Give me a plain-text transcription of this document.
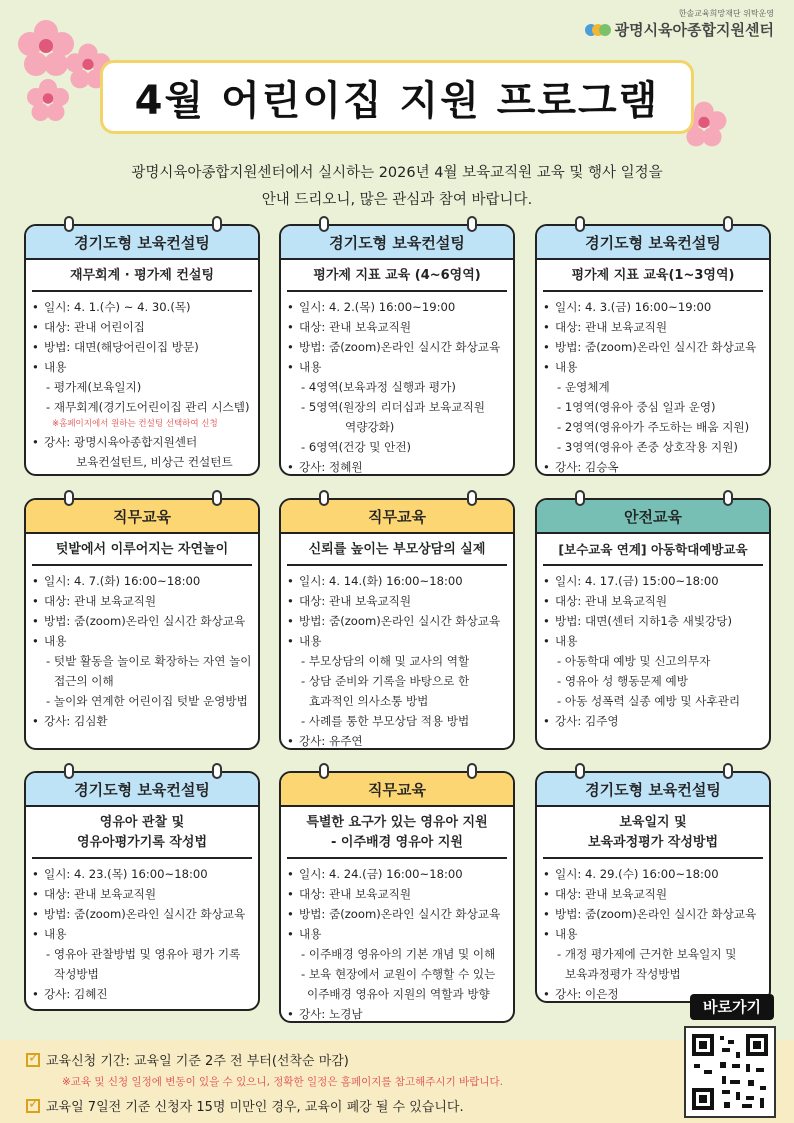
한솔교육희망재단 위탁운영
광명시육아종합지원센터
4월 어린이집 지원 프로그램
광명시육아종합지원센터에서 실시하는 2026년 4월 보육교직원 교육 및 행사 일정을
안내 드리오니, 많은 관심과 참여 바랍니다.
경기도형 보육컨설팅
재무회계 · 평가제 컨설팅
• 일시: 4. 1.(수) ~ 4. 30.(목)
• 대상: 관내 어린이집
• 방법: 대면(해당어린이집 방문)
• 내용
- 평가제(보육일지)
- 재무회계(경기도어린이집 관리 시스템)
※홈페이지에서 원하는 컨설팅 선택하여 신청
• 강사: 광명시육아종합지원센터
보육컨설턴트, 비상근 컨설턴트
경기도형 보육컨설팅
평가제 지표 교육 (4~6영역)
• 일시: 4. 2.(목) 16:00~19:00
• 대상: 관내 보육교직원
• 방법: 줌(zoom)온라인 실시간 화상교육
• 내용
- 4영역(보육과정 실행과 평가)
- 5영역(원장의 리더십과 보육교직원
역량강화)
- 6영역(건강 및 안전)
• 강사: 정혜원
경기도형 보육컨설팅
평가제 지표 교육(1~3영역)
• 일시: 4. 3.(금) 16:00~19:00
• 대상: 관내 보육교직원
• 방법: 줌(zoom)온라인 실시간 화상교육
• 내용
- 운영체계
- 1영역(영유아 중심 일과 운영)
- 2영역(영유아가 주도하는 배움 지원)
- 3영역(영유아 존중 상호작용 지원)
• 강사: 김승옥
직무교육
텃밭에서 이루어지는 자연놀이
• 일시: 4. 7.(화) 16:00~18:00
• 대상: 관내 보육교직원
• 방법: 줌(zoom)온라인 실시간 화상교육
• 내용
- 텃밭 활동을 놀이로 확장하는 자연 놀이
접근의 이해
- 놀이와 연계한 어린이집 텃밭 운영방법
• 강사: 김심환
직무교육
신뢰를 높이는 부모상담의 실제
• 일시: 4. 14.(화) 16:00~18:00
• 대상: 관내 보육교직원
• 방법: 줌(zoom)온라인 실시간 화상교육
• 내용
- 부모상담의 이해 및 교사의 역할
- 상담 준비와 기록을 바탕으로 한
효과적인 의사소통 방법
- 사례를 통한 부모상담 적용 방법
• 강사: 유주연
안전교육
[보수교육 연계] 아동학대예방교육
• 일시: 4. 17.(금) 15:00~18:00
• 대상: 관내 보육교직원
• 방법: 대면(센터 지하1층 새빛강당)
• 내용
- 아동학대 예방 및 신고의무자
- 영유아 성 행동문제 예방
- 아동 성폭력 실종 예방 및 사후관리
• 강사: 김주영
경기도형 보육컨설팅
영유아 관찰 및
영유아평가기록 작성법
• 일시: 4. 23.(목) 16:00~18:00
• 대상: 관내 보육교직원
• 방법: 줌(zoom)온라인 실시간 화상교육
• 내용
- 영유아 관찰방법 및 영유아 평가 기록
작성방법
• 강사: 김혜진
직무교육
특별한 요구가 있는 영유아 지원
- 이주배경 영유아 지원
• 일시: 4. 24.(금) 16:00~18:00
• 대상: 관내 보육교직원
• 방법: 줌(zoom)온라인 실시간 화상교육
• 내용
- 이주배경 영유아의 기본 개념 및 이해
- 보육 현장에서 교원이 수행할 수 있는
이주배경 영유아 지원의 역할과 방향
• 강사: 노경남
경기도형 보육컨설팅
보육일지 및
보육과정평가 작성방법
• 일시: 4. 29.(수) 16:00~18:00
• 대상: 관내 보육교직원
• 방법: 줌(zoom)온라인 실시간 화상교육
• 내용
- 개정 평가제에 근거한 보육일지 및
보육과정평가 작성방법
• 강사: 이은정
✓
교육신청 기간: 교육일 기준 2주 전 부터(선착순 마감)
※교육 및 신청 일정에 변동이 있을 수 있으니, 정확한 일정은 홈페이지를 참고해주시기 바랍니다.
✓
교육일 7일전 기준 신청자 15명 미만인 경우, 교육이 폐강 될 수 있습니다.
바로가기
